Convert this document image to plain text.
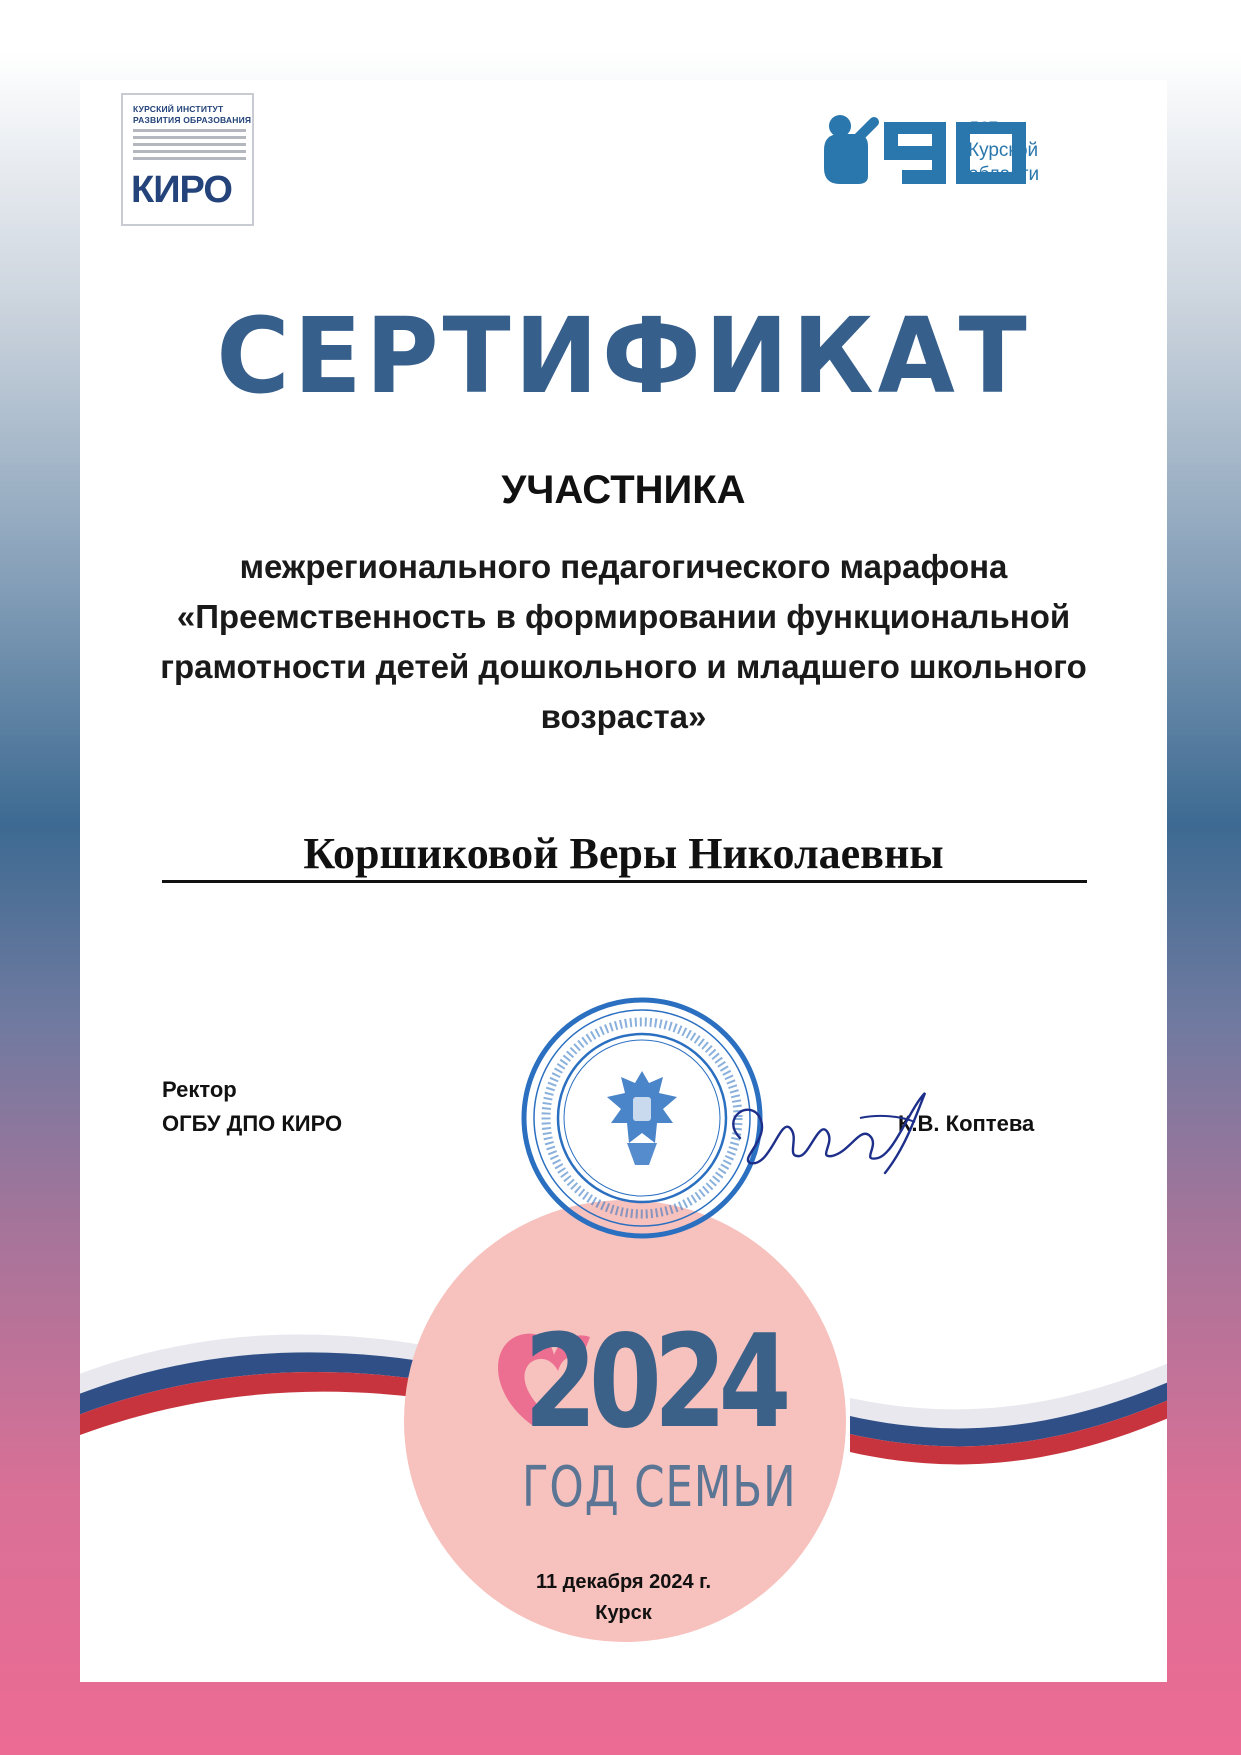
КУРСКИЙ ИНСТИТУТ
РАЗВИТИЯ ОБРАЗОВАНИЯ
КИРО
лет
Курской
области
СЕРТИФИКАТ
УЧАСТНИКА
межрегионального педагогического марафона
«Преемственность в формировании функциональной
грамотности детей дошкольного и младшего школьного
возраста»
Коршиковой Веры Николаевны
2024
ГОД СЕМЬИ
Ректор
ОГБУ ДПО КИРО	К.В. Коптева
11 декабря 2024 г.
Курск
